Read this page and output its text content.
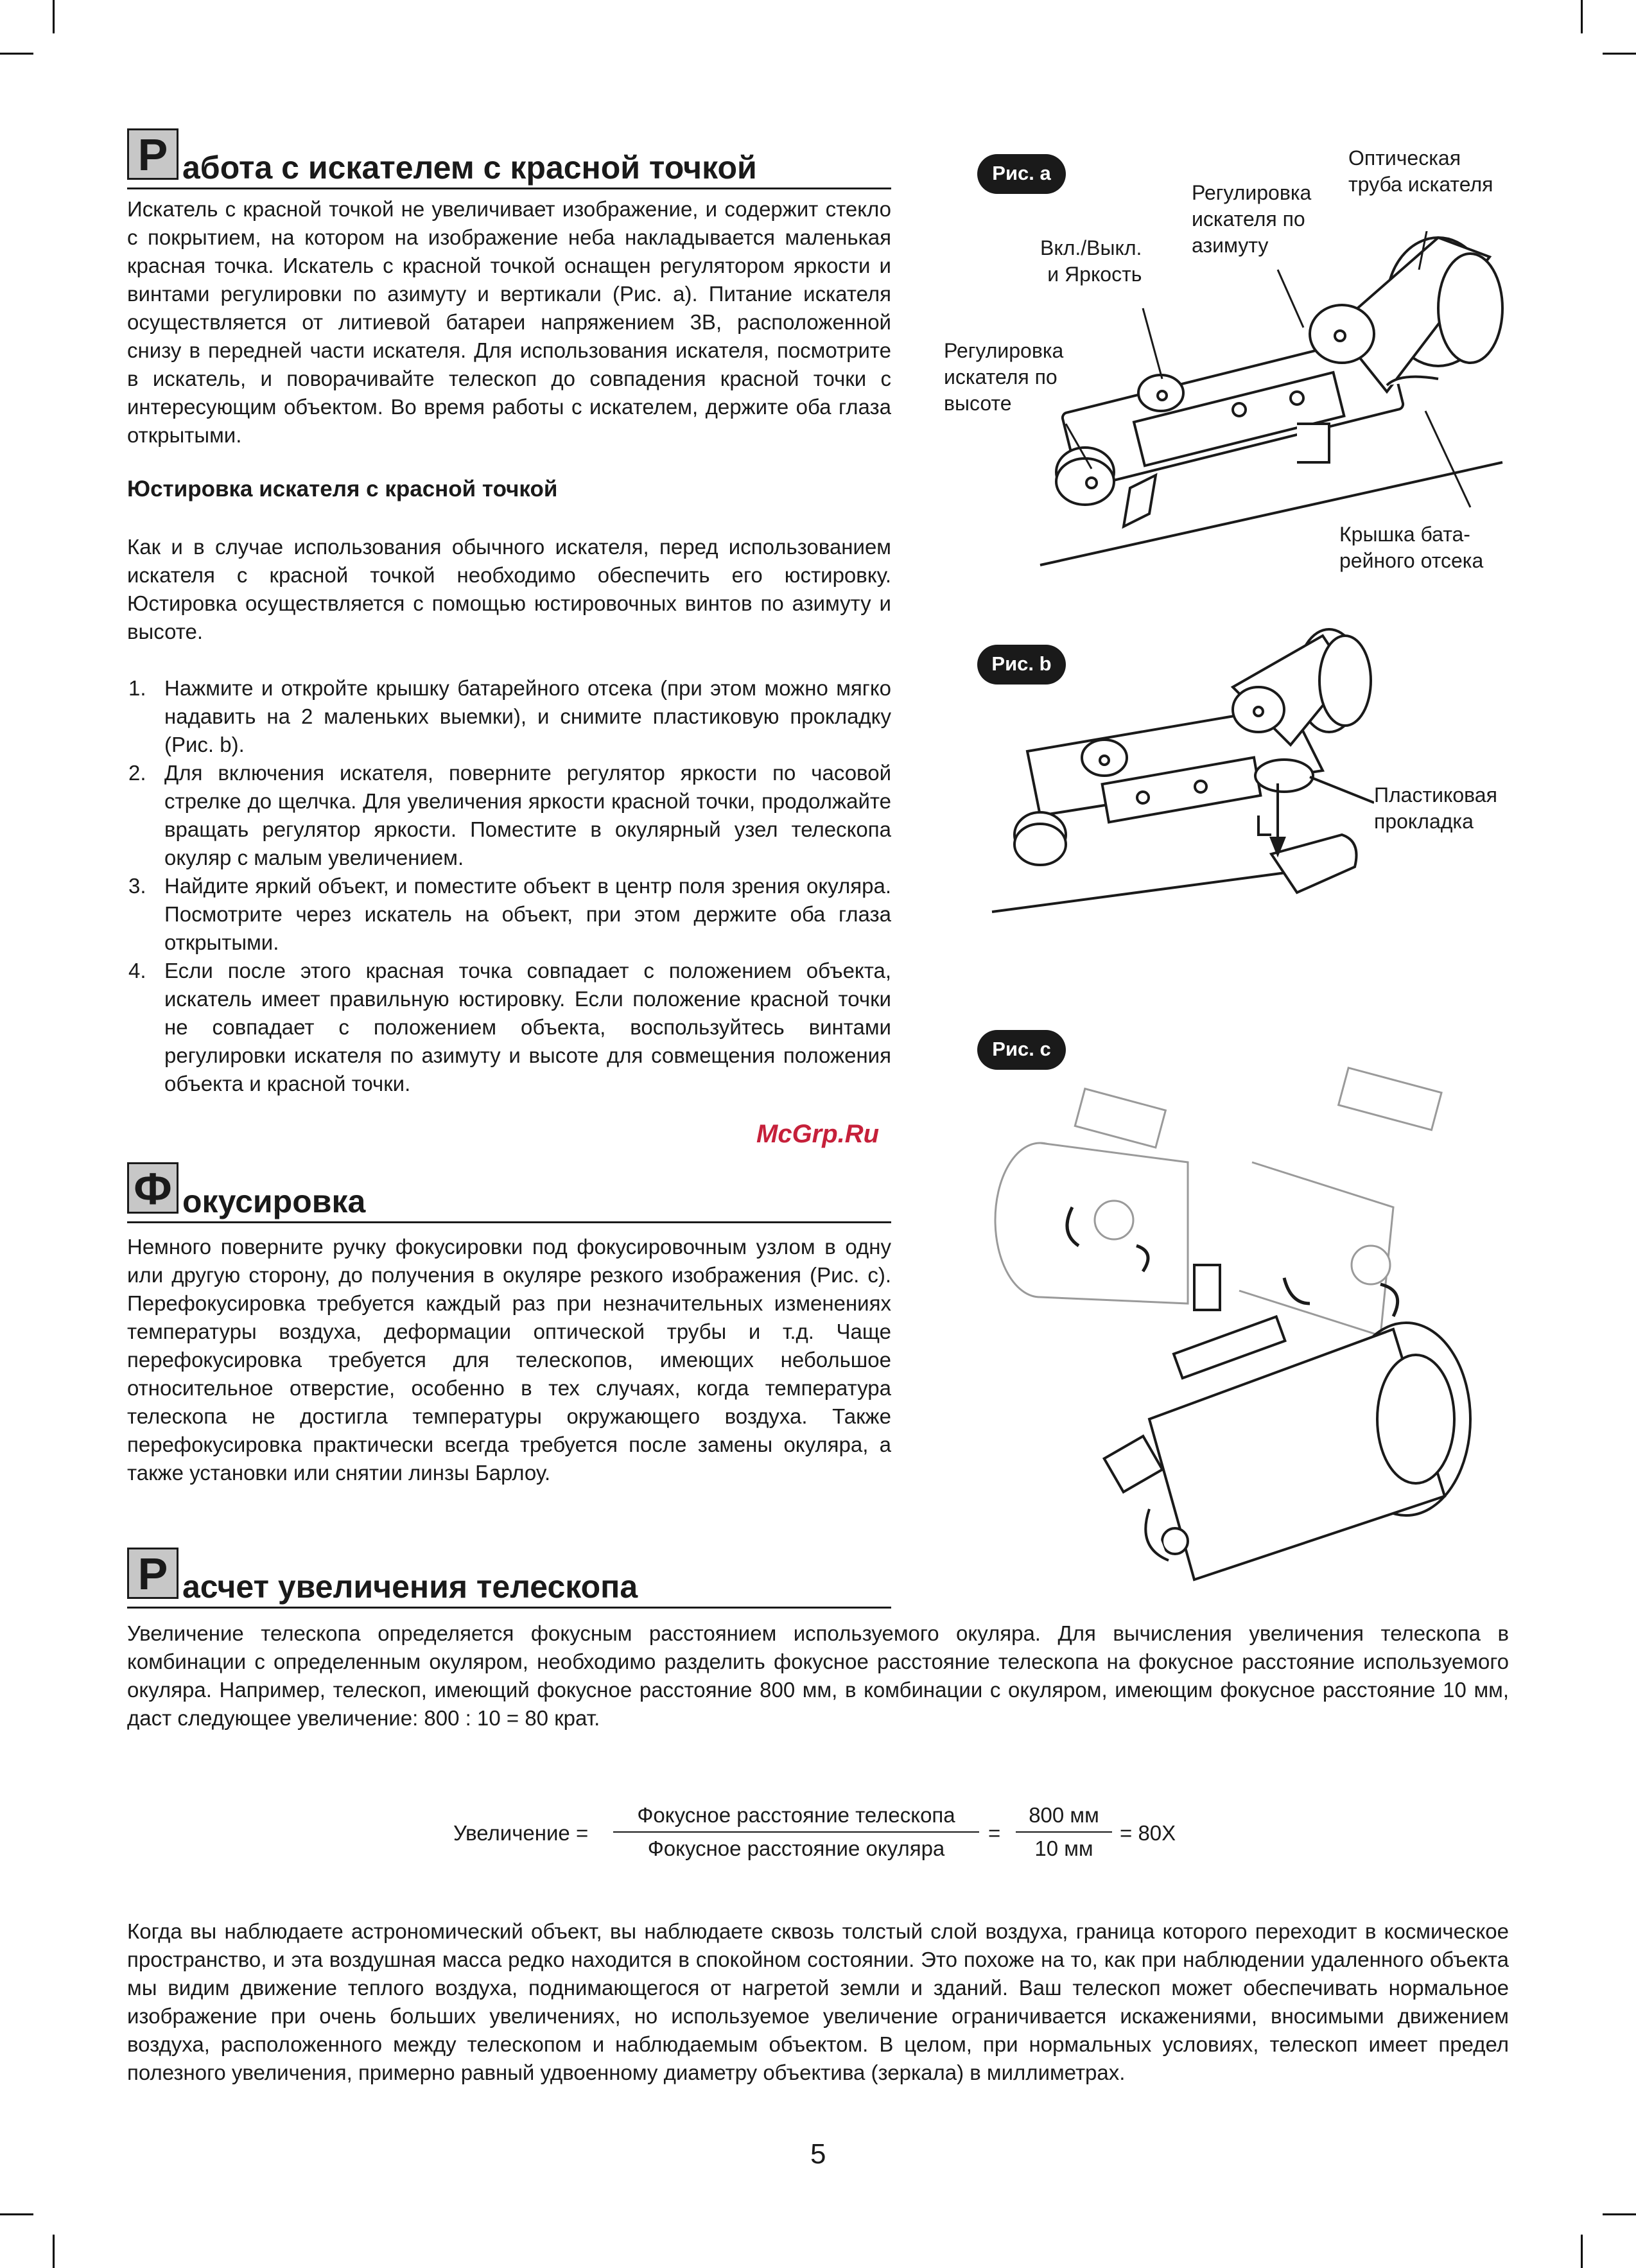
Р абота с искателем с красной точкой

Искатель с красной точкой не увеличивает изображение, и содержит стекло с покрытием, на котором на изображение неба накладывается маленькая красная точка. Искатель с красной точкой оснащен регулятором яркости и винтами регулировки по азимуту и вертикали (Рис. a). Питание искателя осуществляется от литиевой батареи напряжением 3В, расположенной снизу в передней части искателя. Для использования искателя, посмотрите в искатель, и поворачивайте телескоп до совпадения красной точки с интересующим объектом. Во время работы с искателем, держите оба глаза открытыми.

Юстировка искателя с красной точкой

Как и в случае использования обычного искателя, перед использованием искателя с красной точкой необходимо обеспечить его юстировку. Юстировка осуществляется с помощью юстировочных винтов по азимуту и высоте.

1. Нажмите и откройте крышку батарейного отсека (при этом можно мягко надавить на 2 маленьких выемки), и снимите пластиковую прокладку (Рис. b).
2. Для включения искателя, поверните регулятор яркости по часовой стрелке до щелчка. Для увеличения яркости красной точки, продолжайте вращать регулятор яркости. Поместите в окулярный узел телескопа окуляр с малым увеличением.
3. Найдите яркий объект, и поместите объект в центр поля зрения окуляра. Посмотрите через искатель на объект, при этом держите оба глаза открытыми.
4. Если после этого красная точка совпадает с положением объекта, искатель имеет правильную юстировку. Если положение красной точки не совпадает с положением объекта, воспользуйтесь винтами регулировки искателя по азимуту и высоте для совмещения положения объекта и красной точки.
McGrp.Ru
Ф окусировка

Немного поверните ручку фокусировки под фокусировочным узлом в одну или другую сторону, до получения в окуляре резкого изображения (Рис. c). Перефокусировка требуется каждый раз при незначительных изменениях температуры воздуха, деформации оптической трубы и т.д. Чаще перефокусировка требуется для телескопов, имеющих небольшое относительное отверстие, особенно в тех случаях, когда температура телескопа не достигла температуры окружающего воздуха. Также перефокусировка практически всегда требуется после замены окуляра, а также установки или снятии линзы Барлоу.

Р асчет увеличения телескопа

Увеличение телескопа определяется фокусным расстоянием используемого окуляра. Для вычисления увеличения телескопа в комбинации с определенным окуляром, необходимо разделить фокусное расстояние телескопа на фокусное расстояние используемого окуляра. Например, телескоп, имеющий фокусное расстояние 800 мм, в комбинации с окуляром, имеющим фокусное расстояние 10 мм, даст следующее увеличение: 800 : 10 = 80 крат.

Увеличение =
Фокусное расстояние телескопа
Фокусное расстояние окуляра
=
800 мм
10 мм
= 80Х

Когда вы наблюдаете астрономический объект, вы наблюдаете сквозь толстый слой воздуха, граница которого переходит в космическое пространство, и эта воздушная масса редко находится в спокойном состоянии. Это похоже на то, как при наблюдении удаленного объекта мы видим движение теплого воздуха, поднимающегося от нагретой земли и зданий. Ваш телескоп может обеспечивать нормальное изображение при очень больших увеличениях, но используемое увеличение ограничивается искажениями, вносимыми движением воздуха, расположенного между телескопом и наблюдаемым объектом. В целом, при нормальных условиях, телескоп имеет предел полезного увеличения, примерно равный удвоенному диаметру объектива (зеркала) в миллиметрах.

5
Рис. a
Оптическая
труба искателя
Регулировка
искателя по
азимуту
Вкл./Выкл.
и Яркость
Регулировка
искателя по
высоте
Крышка бата-
рейного отсека
Рис. b
Пластиковая
прокладка
Рис. c
